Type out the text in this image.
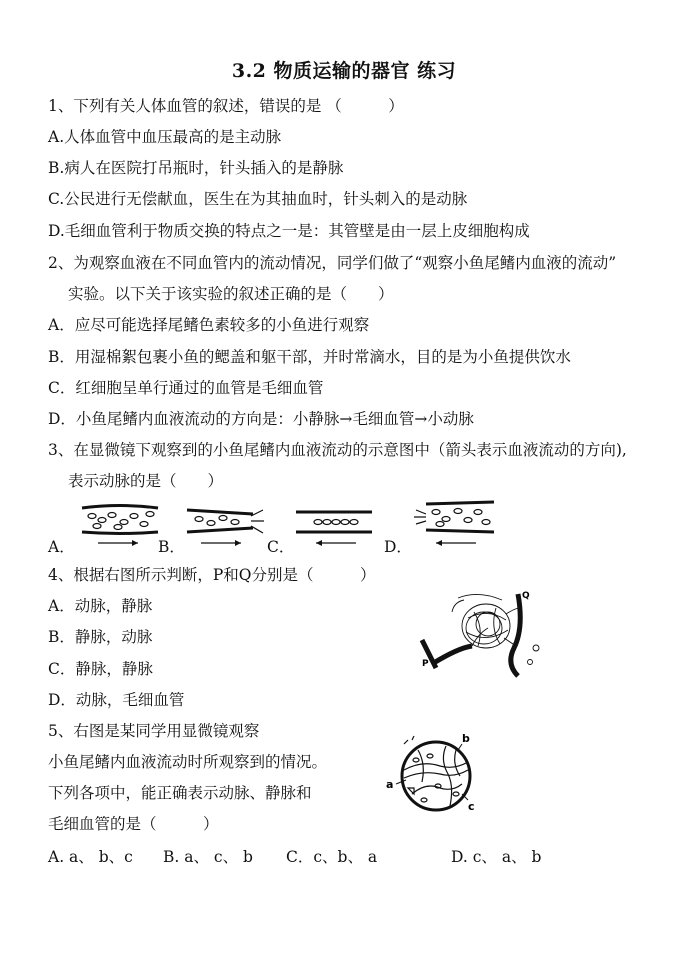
3.2 物质运输的器官 练习
1、下列有关人体血管的叙述，错误的是 （　　　）
A.人体血管中血压最高的是主动脉
B.病人在医院打吊瓶时，针头插入的是静脉
C.公民进行无偿献血，医生在为其抽血时，针头刺入的是动脉
D.毛细血管利于物质交换的特点之一是：其管壁是由一层上皮细胞构成
2、为观察血液在不同血管内的流动情况，同学们做了“观察小鱼尾鳍内血液的流动”
实验。以下关于该实验的叙述正确的是（　　）
A．应尽可能选择尾鳍色素较多的小鱼进行观察
B．用湿棉絮包裹小鱼的鳃盖和躯干部，并时常滴水，目的是为小鱼提供饮水
C．红细胞呈单行通过的血管是毛细血管
D．小鱼尾鳍内血液流动的方向是：小静脉→毛细血管→小动脉
3、在显微镜下观察到的小鱼尾鳍内血液流动的示意图中（箭头表示血液流动的方向),
表示动脉的是（　　）
A．	B．	C．	D．
4、根据右图所示判断，P和Q分别是（　　　）
A．动脉，静脉
B．静脉，动脉
C．静脉，静脉
D．动脉，毛细血管
Q
P
5、右图是某同学用显微镜观察
小鱼尾鳍内血液流动时所观察到的情况。
下列各项中，能正确表示动脉、静脉和
毛细血管的是（　　　）
a
b
c
A. a、 b、c B. a、 c、 b C．c、b、 a	D. c、 a、 b
